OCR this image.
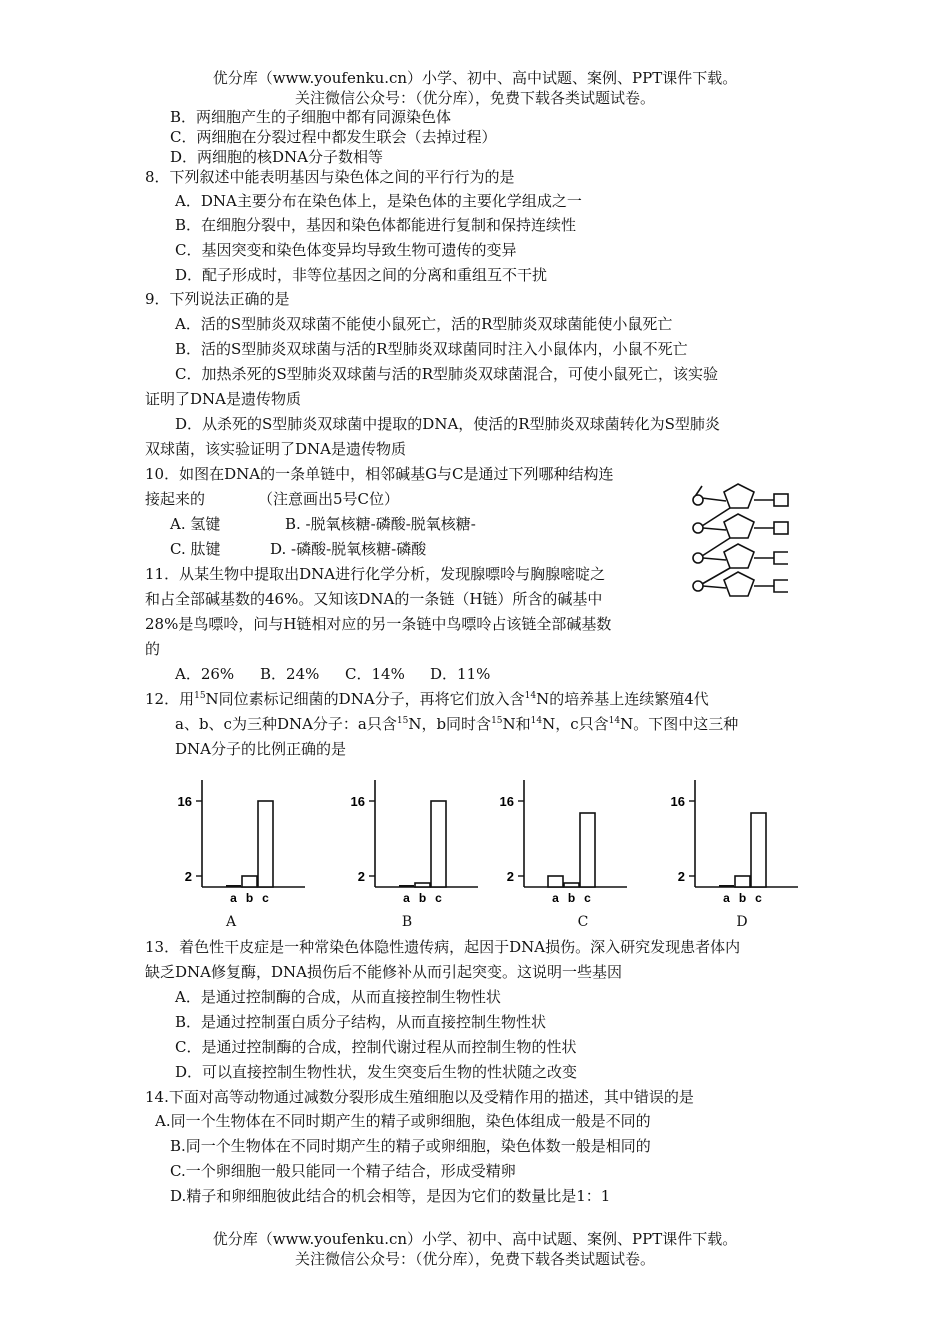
优分库（www.youfenku.cn）小学、初中、高中试题、案例、PPT课件下载。
关注微信公众号：（优分库），免费下载各类试题试卷。
B．两细胞产生的子细胞中都有同源染色体
C．两细胞在分裂过程中都发生联会（去掉过程）
D．两细胞的核DNA分子数相等
8．下列叙述中能表明基因与染色体之间的平行行为的是
A．DNA主要分布在染色体上，是染色体的主要化学组成之一
B．在细胞分裂中，基因和染色体都能进行复制和保持连续性
C．基因突变和染色体变异均导致生物可遗传的变异
D．配子形成时，非等位基因之间的分离和重组互不干扰
9．下列说法正确的是
A．活的S型肺炎双球菌不能使小鼠死亡，活的R型肺炎双球菌能使小鼠死亡
B．活的S型肺炎双球菌与活的R型肺炎双球菌同时注入小鼠体内，小鼠不死亡
C．加热杀死的S型肺炎双球菌与活的R型肺炎双球菌混合，可使小鼠死亡，该实验
证明了DNA是遗传物质
D．从杀死的S型肺炎双球菌中提取的DNA，使活的R型肺炎双球菌转化为S型肺炎
双球菌，该实验证明了DNA是遗传物质
10．如图在DNA的一条单链中，相邻碱基G与C是通过下列哪种结构连
接起来的	（注意画出5号C位）
A. 氢键	B. -脱氧核糖-磷酸-脱氧核糖-
C. 肽键	D. -磷酸-脱氧核糖-磷酸
11．从某生物中提取出DNA进行化学分析，发现腺嘌呤与胸腺嘧啶之
和占全部碱基数的46%。又知该DNA的一条链（H链）所含的碱基中
28%是鸟嘌呤，问与H链相对应的另一条链中鸟嘌呤占该链全部碱基数
的
A．26% B．24% C．14% D．11%
12．用$^{15}$N同位素标记细菌的DNA分子，再将它们放入含$^{14}$N的培养基上连续繁殖4代
a、b、c为三种DNA分子：a只含$^{15}$N，b同时含$^{15}$N和$^{14}$N，c只含$^{14}$N。下图中这三种
DNA分子的比例正确的是
2
16
a b c
2
16
a b c
2
16
a b c
2
16
a b c
A	B	C	D
13．着色性干皮症是一种常染色体隐性遗传病，起因于DNA损伤。深入研究发现患者体内
缺乏DNA修复酶，DNA损伤后不能修补从而引起突变。这说明一些基因
A．是通过控制酶的合成，从而直接控制生物性状
B．是通过控制蛋白质分子结构，从而直接控制生物性状
C．是通过控制酶的合成，控制代谢过程从而控制生物的性状
D．可以直接控制生物性状，发生突变后生物的性状随之改变
14.下面对高等动物通过减数分裂形成生殖细胞以及受精作用的描述，其中错误的是
A.同一个生物体在不同时期产生的精子或卵细胞，染色体组成一般是不同的
B.同一个生物体在不同时期产生的精子或卵细胞，染色体数一般是相同的
C.一个卵细胞一般只能同一个精子结合，形成受精卵
D.精子和卵细胞彼此结合的机会相等，是因为它们的数量比是1：1
优分库（www.youfenku.cn）小学、初中、高中试题、案例、PPT课件下载。
关注微信公众号：（优分库），免费下载各类试题试卷。
